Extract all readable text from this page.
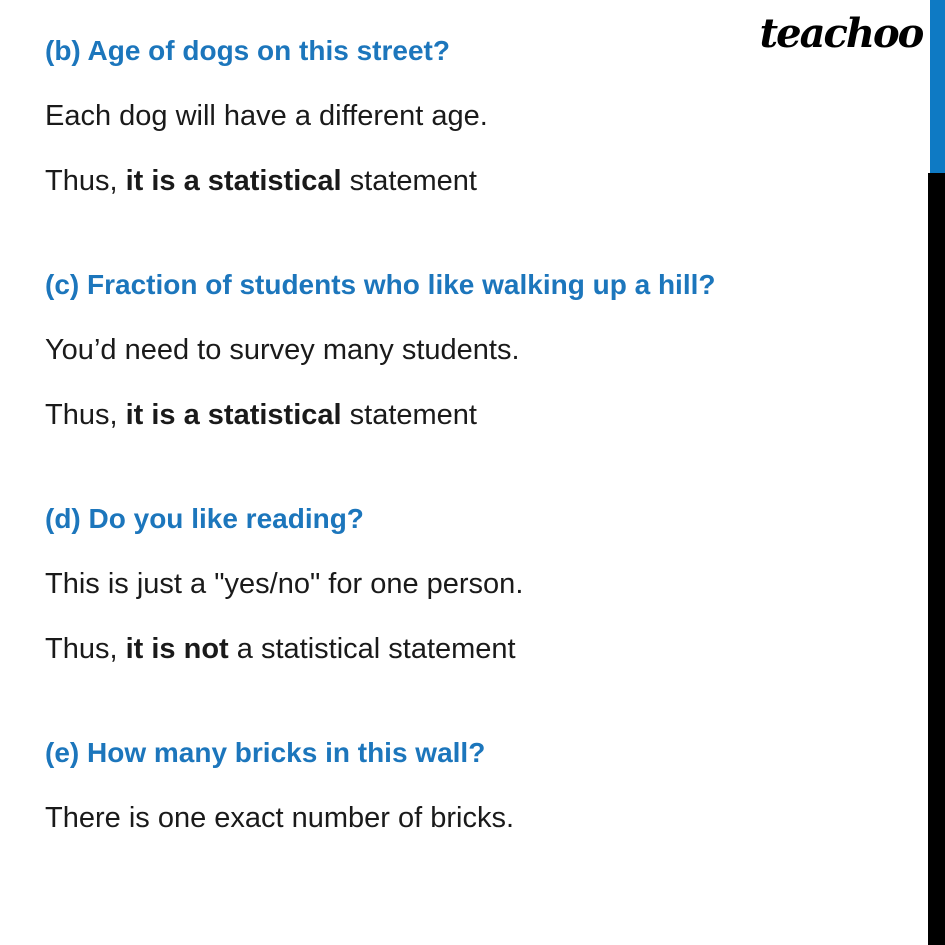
teachoo
(b) Age of dogs on this street?

Each dog will have a different age.

Thus, it is a statistical statement

(c) Fraction of students who like walking up a hill?

You’d need to survey many students.

Thus, it is a statistical statement

(d) Do you like reading?

This is just a "yes/no" for one person.

Thus, it is not a statistical statement

(e) How many bricks in this wall?

There is one exact number of bricks.
